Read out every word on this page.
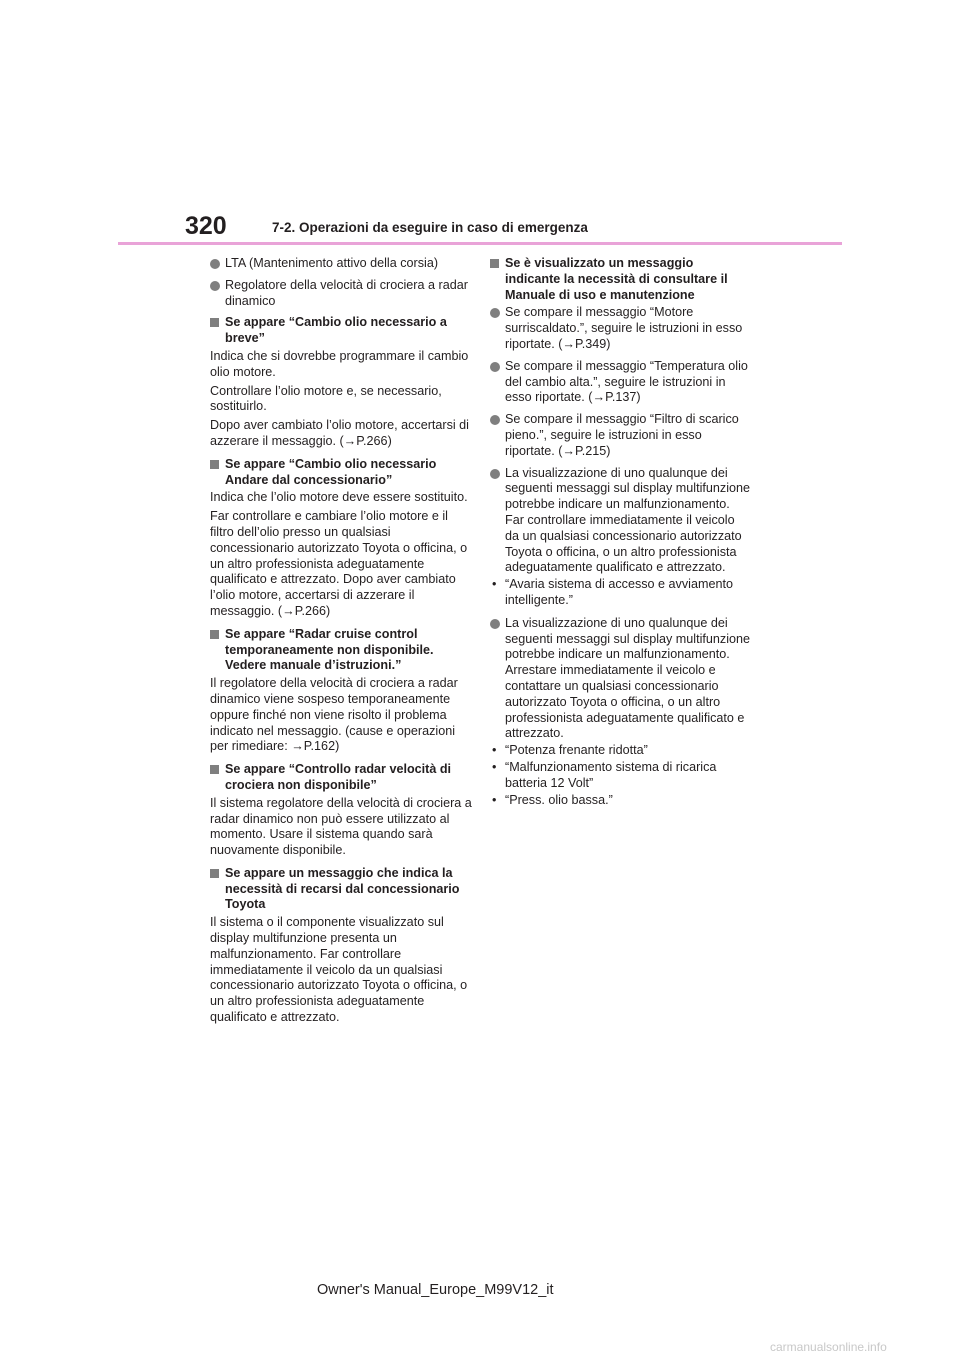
320	7-2. Operazioni da eseguire in caso di emergenza
LTA (Mantenimento attivo della corsia)
Regolatore della velocità di crociera a radar dinamico
Se appare “Cambio olio necessario a breve”
Indica che si dovrebbe programmare il cambio olio motore.
Controllare l’olio motore e, se necessario, sostituirlo.
Dopo aver cambiato l’olio motore, accertarsi di azzerare il messaggio. (→P.266)
Se appare “Cambio olio necessario Andare dal concessionario”
Indica che l’olio motore deve essere sostituito.
Far controllare e cambiare l’olio motore e il filtro dell’olio presso un qualsiasi concessionario autorizzato Toyota o officina, o un altro professionista adeguatamente qualificato e attrezzato. Dopo aver cambiato l’olio motore, accertarsi di azzerare il messaggio. (→P.266)
Se appare “Radar cruise control temporaneamente non disponibile. Vedere manuale d’istruzioni.”
Il regolatore della velocità di crociera a radar dinamico viene sospeso temporaneamente oppure finché non viene risolto il problema indicato nel messaggio. (cause e operazioni per rimediare: →P.162)
Se appare “Controllo radar velocità di crociera non disponibile”
Il sistema regolatore della velocità di crociera a radar dinamico non può essere utilizzato al momento. Usare il sistema quando sarà nuovamente disponibile.
Se appare un messaggio che indica la necessità di recarsi dal concessionario Toyota
Il sistema o il componente visualizzato sul display multifunzione presenta un malfunzionamento. Far controllare immediatamente il veicolo da un qualsiasi concessionario autorizzato Toyota o officina, o un altro professionista adeguatamente qualificato e attrezzato.
Se è visualizzato un messaggio indicante la necessità di consultare il Manuale di uso e manutenzione
Se compare il messaggio “Motore surriscaldato.”, seguire le istruzioni in esso riportate. (→P.349)
Se compare il messaggio “Temperatura olio del cambio alta.”, seguire le istruzioni in esso riportate. (→P.137)
Se compare il messaggio “Filtro di scarico pieno.”, seguire le istruzioni in esso riportate. (→P.215)
La visualizzazione di uno qualunque dei seguenti messaggi sul display multifunzione potrebbe indicare un malfunzionamento. Far controllare immediatamente il veicolo da un qualsiasi concessionario autorizzato Toyota o officina, o un altro professionista adeguatamente qualificato e attrezzato.
• “Avaria sistema di accesso e avviamento intelligente.”
La visualizzazione di uno qualunque dei seguenti messaggi sul display multifunzione potrebbe indicare un malfunzionamento. Arrestare immediatamente il veicolo e contattare un qualsiasi concessionario autorizzato Toyota o officina, o un altro professionista adeguatamente qualificato e attrezzato.
• “Potenza frenante ridotta”
• “Malfunzionamento sistema di ricarica batteria 12 Volt”
• “Press. olio bassa.”
Owner's Manual_Europe_M99V12_it
carmanualsonline.info
